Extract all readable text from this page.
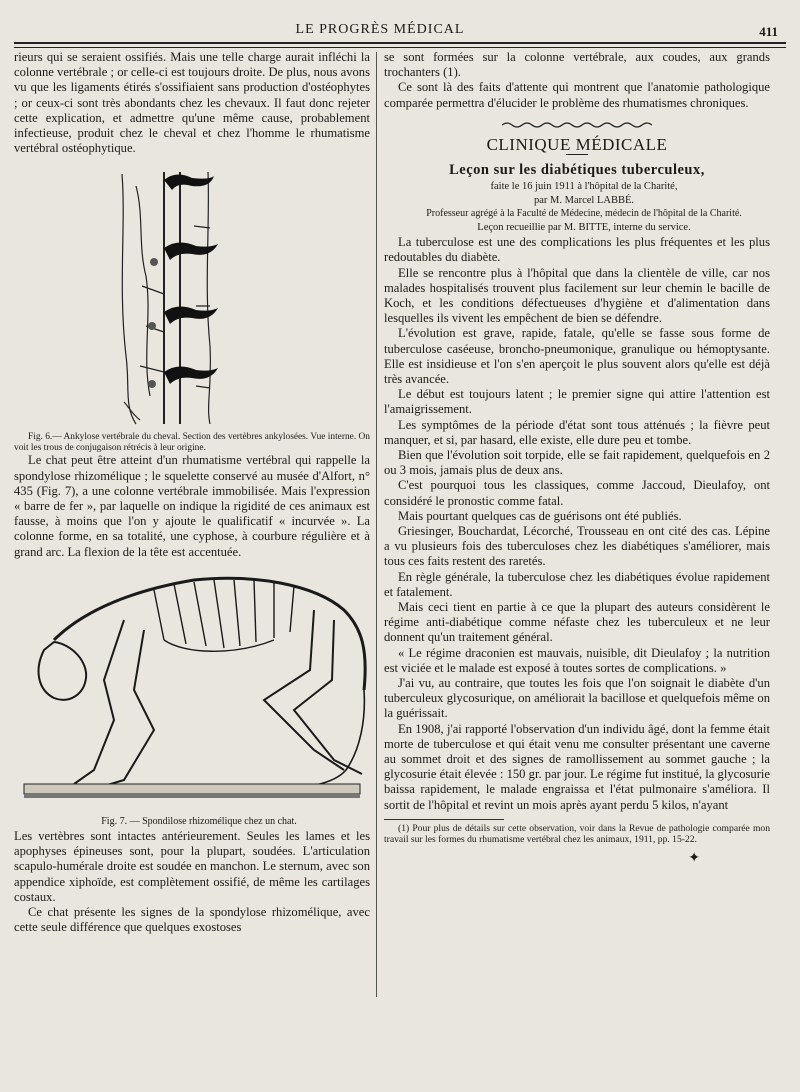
LE PROGRÈS MÉDICAL	411

rieurs qui se seraient ossifiés. Mais une telle charge aurait infléchi la colonne vertébrale ; or celle-ci est toujours droite. De plus, nous avons vu que les ligaments étirés s'ossifiaient sans production d'ostéophytes ; or ceux-ci sont très abondants chez les chevaux. Il faut donc rejeter cette explication, et admettre qu'une même cause, probablement infectieuse, produit chez le cheval et chez l'homme le rhumatisme vertébral ostéophytique.

Fig. 6.— Ankylose vertébrale du cheval. Section des vertèbres ankylosées. Vue interne. On voit les trous de conjugaison rétrécis à leur origine.

Le chat peut être atteint d'un rhumatisme vertébral qui rappelle la spondylose rhizomélique ; le squelette conservé au musée d'Alfort, n° 435 (Fig. 7), a une colonne vertébrale immobilisée. Mais l'expression « barre de fer », par laquelle on indique la rigidité de ces animaux est fausse, à moins que l'on y ajoute le qualificatif « incurvée ». La colonne forme, en sa totalité, une cyphose, à courbure régulière et à grand arc. La flexion de la tête est accentuée.

Fig. 7. — Spondilose rhizomélique chez un chat.

Les vertèbres sont intactes antérieurement. Seules les lames et les apophyses épineuses sont, pour la plupart, soudées. L'articulation scapulo-humérale droite est soudée en manchon. Le sternum, avec son appendice xiphoïde, est complètement ossifié, de même les cartilages costaux.

Ce chat présente les signes de la spondylose rhizomélique, avec cette seule différence que quelques exostoses

se sont formées sur la colonne vertébrale, aux coudes, aux grands trochanters (1).

Ce sont là des faits d'attente qui montrent que l'anatomie pathologique comparée permettra d'élucider le problème des rhumatismes chroniques.

CLINIQUE MÉDICALE
Leçon sur les diabétiques tuberculeux,

faite le 16 juin 1911 à l'hôpital de la Charité,

par M. Marcel LABBÉ.

Professeur agrégé à la Faculté de Médecine, médecin de l'hôpital de la Charité.

Leçon recueillie par M. BITTE, interne du service.

La tuberculose est une des complications les plus fréquentes et les plus redoutables du diabète.

Elle se rencontre plus à l'hôpital que dans la clientèle de ville, car nos malades hospitalisés trouvent plus facilement sur leur chemin le bacille de Koch, et les conditions défectueuses d'hygiène et d'alimentation dans lesquelles ils vivent les empêchent de bien se défendre.

L'évolution est grave, rapide, fatale, qu'elle se fasse sous forme de tuberculose caséeuse, broncho-pneumonique, granulique ou hémoptysante. Elle est insidieuse et l'on s'en aperçoit le plus souvent alors qu'elle est déjà très avancée.

Le début est toujours latent ; le premier signe qui attire l'attention est l'amaigrissement.

Les symptômes de la période d'état sont tous atténués ; la fièvre peut manquer, et si, par hasard, elle existe, elle dure peu et tombe.

Bien que l'évolution soit torpide, elle se fait rapidement, quelquefois en 2 ou 3 mois, jamais plus de deux ans.

C'est pourquoi tous les classiques, comme Jaccoud, Dieulafoy, ont considéré le pronostic comme fatal.

Mais pourtant quelques cas de guérisons ont été publiés.

Griesinger, Bouchardat, Lécorché, Trousseau en ont cité des cas. Lépine a vu plusieurs fois des tuberculoses chez les diabétiques s'améliorer, mais tous ces faits restent des raretés.

En règle générale, la tuberculose chez les diabétiques évolue rapidement et fatalement.

Mais ceci tient en partie à ce que la plupart des auteurs considèrent le régime anti-diabétique comme néfaste chez les tuberculeux et ne leur donnent qu'un traitement général.

« Le régime draconien est mauvais, nuisible, dit Dieulafoy ; la nutrition est viciée et le malade est exposé à toutes sortes de complications. »

J'ai vu, au contraire, que toutes les fois que l'on soignait le diabète d'un tuberculeux glycosurique, on améliorait la bacillose et quelquefois même on la guérissait.

En 1908, j'ai rapporté l'observation d'un individu âgé, dont la femme était morte de tuberculose et qui était venu me consulter présentant une caverne au sommet droit et des signes de ramollissement au sommet gauche ; la glycosurie était élevée : 150 gr. par jour. Le régime fut institué, la glycosurie baissa rapidement, le malade engraissa et l'état pulmonaire s'améliora. Il sortit de l'hôpital et revint un mois après ayant perdu 5 kilos, n'ayant

(1) Pour plus de détails sur cette observation, voir dans la Revue de pathologie comparée mon travail sur les formes du rhumatisme vertébral chez les animaux, 1911, pp. 15-22.

✦
